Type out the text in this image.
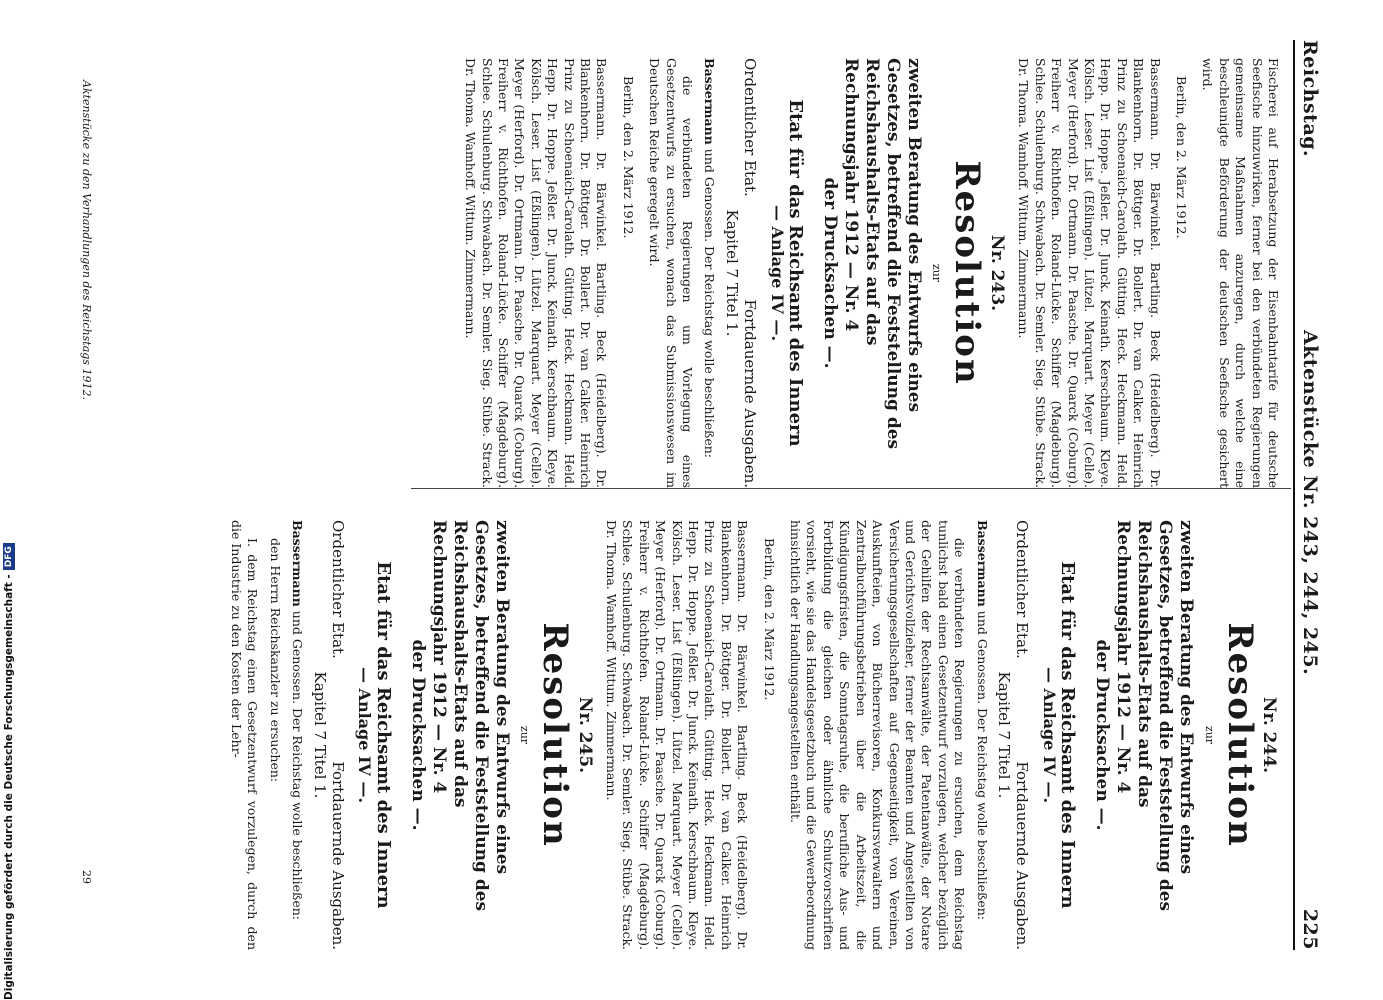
Reichstag.
Aktenstücke Nr. 243, 244, 245.
225

Fischerei auf Herabsetzung der Eisenbahntarife für deutsche Seefische hinzuwirken, ferner bei den verbündeten Regierungen gemeinsame Maßnahmen anzuregen, durch welche eine beschleunigte Beförderung der deutschen Seefische gesichert wird.

Berlin, den 2. März 1912.

Bassermann. Dr. Bärwinkel. Bartling. Beck (Heidelberg). Dr. Blankenhorn. Dr. Böttger. Dr. Bollert. Dr. van Calker. Heinrich Prinz zu Schoenaich-Carolath. Gütting. Heck. Heckmann. Held. Hepp. Dr. Hoppe. Jeßler. Dr. Junck. Keinath. Kerschbaum. Kleye. Kölsch. Leser. List (Eßlingen). Lützel. Marquart. Meyer (Celle). Meyer (Herford). Dr. Ortmann. Dr. Paasche. Dr. Quarck (Coburg). Freiherr v. Richthofen. Roland-Lücke. Schiffer (Magdeburg). Schlee. Schulenburg. Schwabach. Dr. Semler. Sieg. Stübe. Strack. Dr. Thoma. Wamhoff. Wittum. Zimmermann.

Nr. 243.
Resolution
zur
zweiten Beratung des Entwurfs eines Gesetzes, betreffend die Feststellung des Reichshaushalts-Etats auf das Rechnungsjahr 1912 — Nr. 4
der Drucksachen —.
Etat für das Reichsamt des Innern
— Anlage IV —.
Ordentlicher Etat.
Fortdauernde Ausgaben.
Kapitel 7 Titel 1.

Bassermann und Genossen. Der Reichstag wolle beschließen:

die verbündeten Regierungen um Vorlegung eines Gesetzentwurfs zu ersuchen, wonach das Submissionswesen im Deutschen Reiche geregelt wird.

Berlin, den 2. März 1912.

Bassermann. Dr. Bärwinkel. Bartling. Beck (Heidelberg). Dr. Blankenhorn. Dr. Böttger. Dr. Bollert. Dr. van Calker. Heinrich Prinz zu Schoenaich-Carolath. Gütting. Heck. Heckmann. Held. Hepp. Dr. Hoppe. Jeßler. Dr. Junck. Keinath. Kerschbaum. Kleye. Kölsch. Leser. List (Eßlingen). Lützel. Marquart. Meyer (Celle). Meyer (Herford). Dr. Ortmann. Dr. Paasche. Dr. Quarck (Coburg). Freiherr v. Richthofen. Roland-Lücke. Schiffer (Magdeburg). Schlee. Schulenburg. Schwabach. Dr. Semler. Sieg. Stübe. Strack. Dr. Thoma. Wamhoff. Wittum. Zimmermann.

Nr. 244.
Resolution
zur
zweiten Beratung des Entwurfs eines Gesetzes, betreffend die Feststellung des Reichshaushalts-Etats auf das Rechnungsjahr 1912 — Nr. 4
der Drucksachen —.
Etat für das Reichsamt des Innern
— Anlage IV —.
Ordentlicher Etat.
Fortdauernde Ausgaben.
Kapitel 7 Titel 1.

Bassermann und Genossen. Der Reichstag wolle beschließen:

die verbündeten Regierungen zu ersuchen, dem Reichstag tunlichst bald einen Gesetzentwurf vorzulegen, welcher bezüglich der Gehilfen der Rechtsanwälte, der Patentanwälte, der Notare und Gerichtsvollzieher, ferner der Beamten und Angestellten von Versicherungsgesellschaften auf Gegenseitigkeit, von Vereinen, Auskunfteien, von Bücherrevisoren, Konkursverwaltern und Zentralbuchführungsbetrieben über die Arbeitszeit, die Kündigungsfristen, die Sonntagsruhe, die berufliche Aus- und Fortbildung die gleichen oder ähnliche Schutzvorschriften vorsieht, wie sie das Handelsgesetzbuch und die Gewerbeordnung hinsichtlich der Handlungsangestellten enthält.

Berlin, den 2. März 1912.

Bassermann. Dr. Bärwinkel. Bartling. Beck (Heidelberg). Dr. Blankenhorn. Dr. Böttger. Dr. Bollert. Dr. van Calker. Heinrich Prinz zu Schoenaich-Carolath. Gütting. Heck. Heckmann. Held. Hepp. Dr. Hoppe. Jeßler. Dr. Junck. Keinath. Kerschbaum. Kleye. Kölsch. Leser. List (Eßlingen). Lützel. Marquart. Meyer (Celle). Meyer (Herford). Dr. Ortmann. Dr. Paasche. Dr. Quarck (Coburg). Freiherr v. Richthofen. Roland-Lücke. Schiffer (Magdeburg). Schlee. Schulenburg. Schwabach. Dr. Semler. Sieg. Stübe. Strack. Dr. Thoma. Wamhoff. Wittum. Zimmermann.

Nr. 245.
Resolution
zur
zweiten Beratung des Entwurfs eines Gesetzes, betreffend die Feststellung des Reichshaushalts-Etats auf das Rechnungsjahr 1912 — Nr. 4
der Drucksachen —.
Etat für das Reichsamt des Innern
— Anlage IV —.
Ordentlicher Etat.
Fortdauernde Ausgaben.
Kapitel 7 Titel 1.

Bassermann und Genossen. Der Reichstag wolle beschließen:

den Herrn Reichskanzler zu ersuchen:

I. dem Reichstag einen Gesetzentwurf vorzulegen, durch den die Industrie zu den Kosten der Lehr-

Aktenstücke zu den Verhandlungen des Reichstags 1912.
29
Digitalisierung gefördert durch die Deutsche Forschungsgemeinschaft -
DFG
